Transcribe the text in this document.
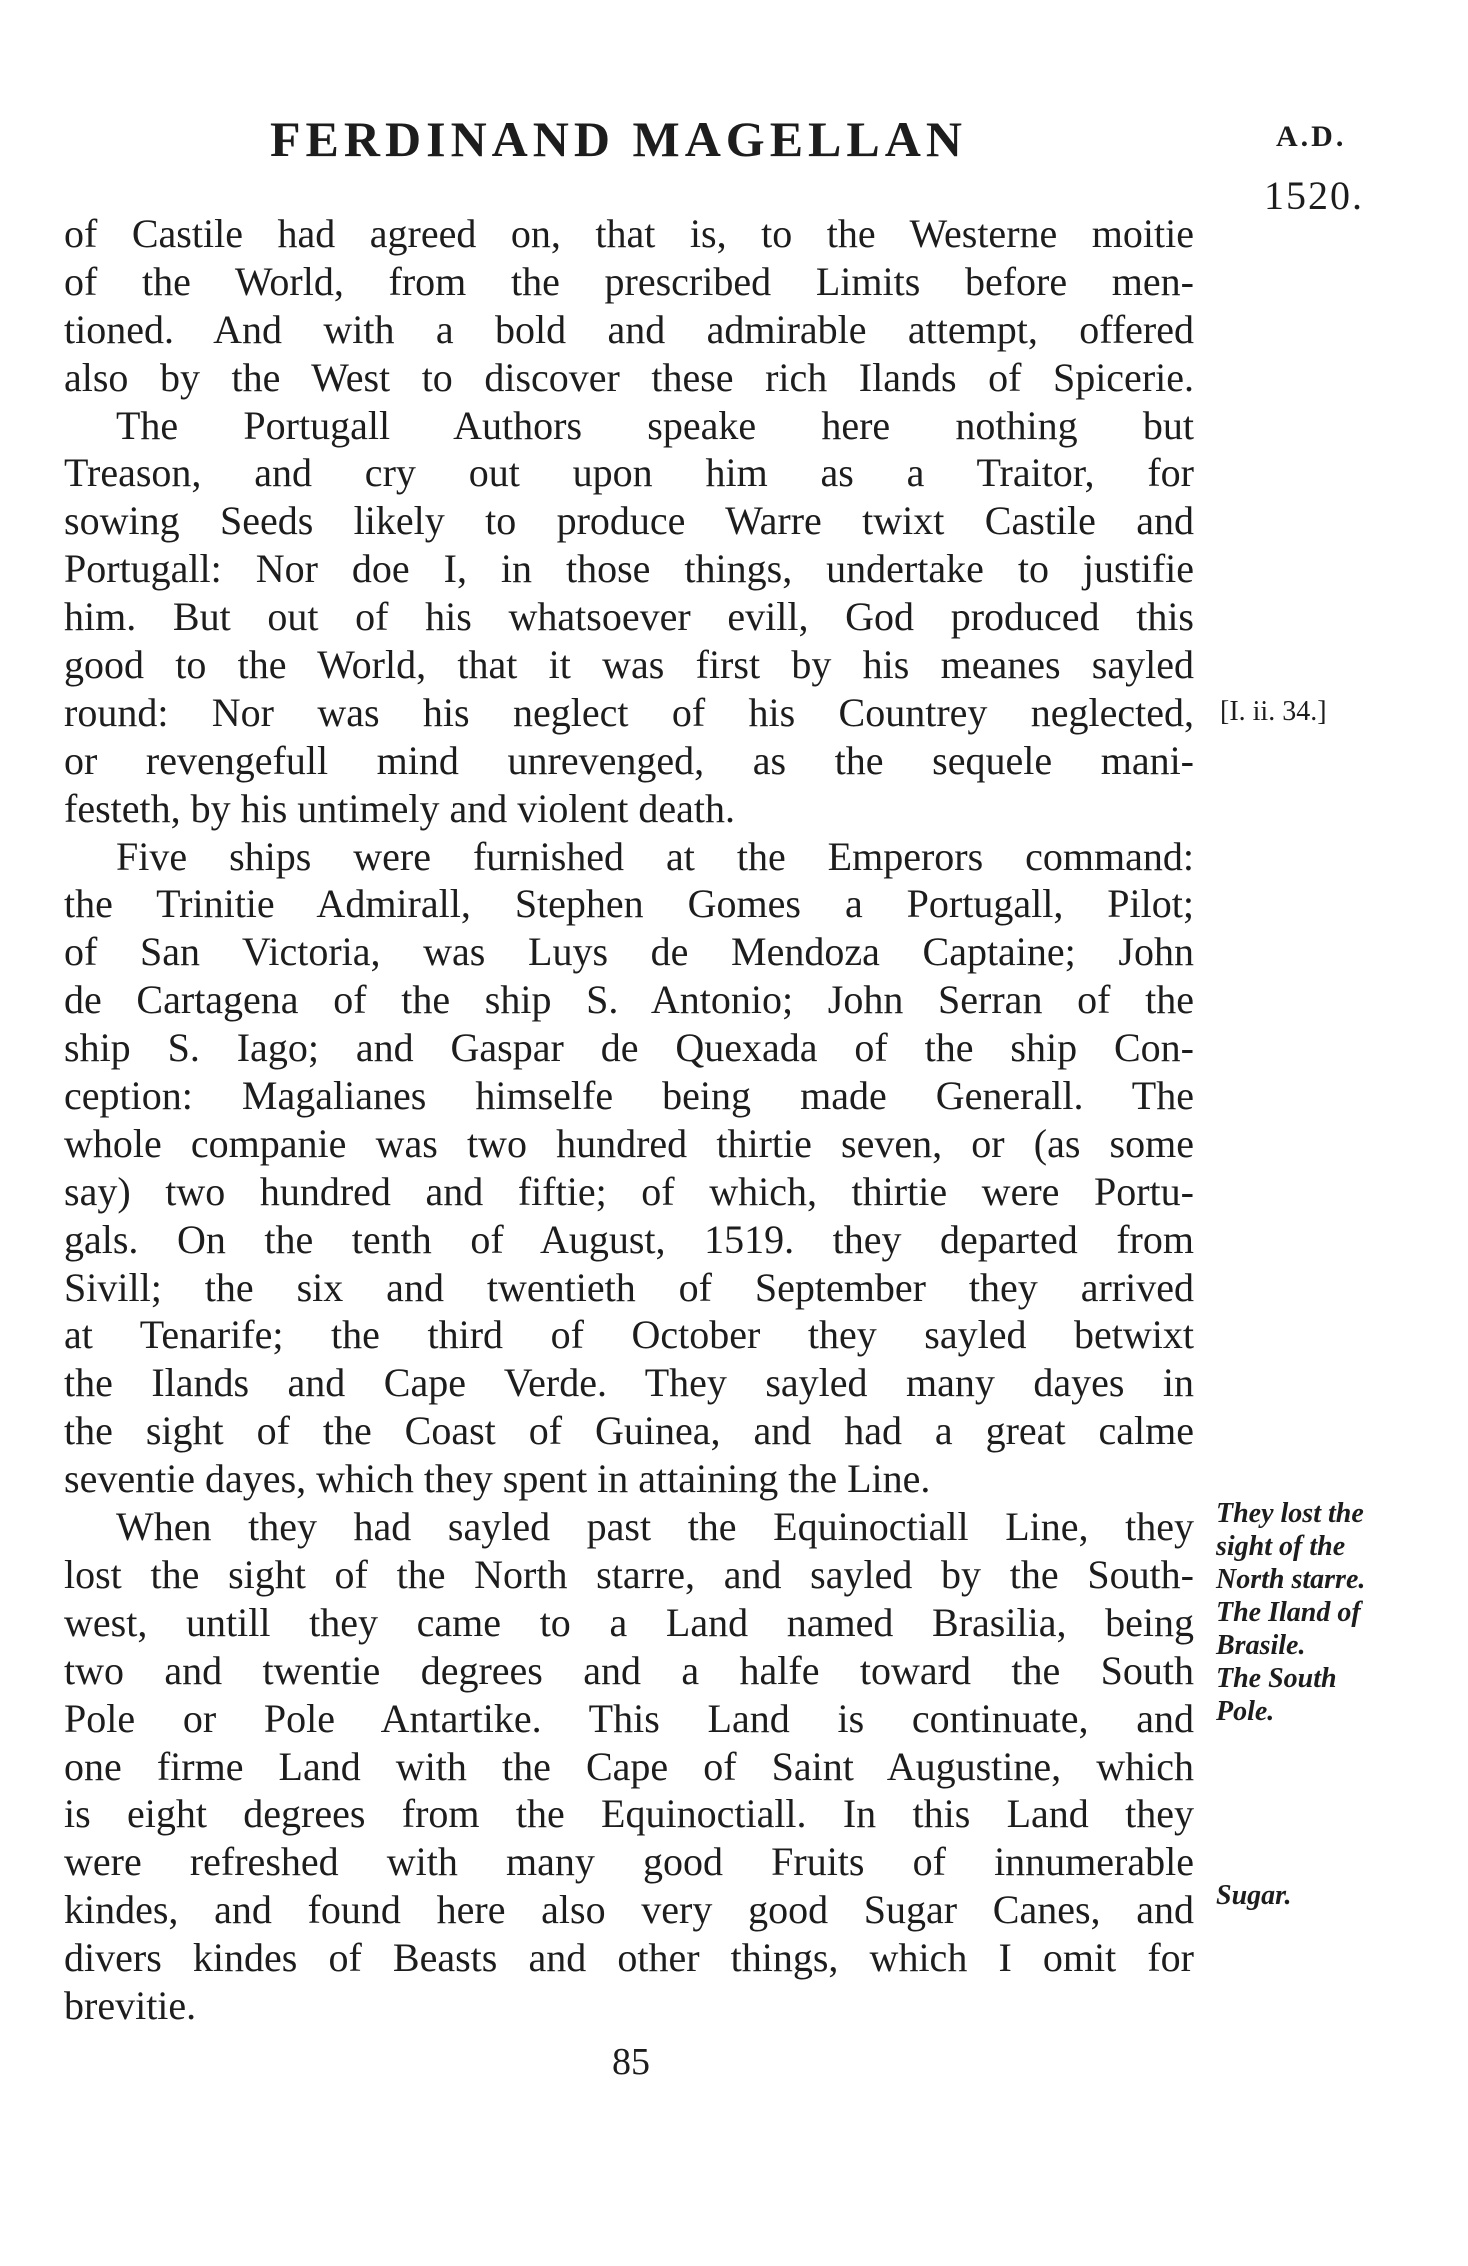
FERDINAND MAGELLAN	A.D.
1520.
of Castile had agreed on, that is, to the Westerne moitie
of the World, from the prescribed Limits before men-
tioned. And with a bold and admirable attempt, offered
also by the West to discover these rich Ilands of Spicerie.
The Portugall Authors speake here nothing but
Treason, and cry out upon him as a Traitor, for
sowing Seeds likely to produce Warre twixt Castile and
Portugall: Nor doe I, in those things, undertake to justifie
him. But out of his whatsoever evill, God produced this
good to the World, that it was first by his meanes sayled
round: Nor was his neglect of his Countrey neglected,
or revengefull mind unrevenged, as the sequele mani-
festeth, by his untimely and violent death.
Five ships were furnished at the Emperors command:
the Trinitie Admirall, Stephen Gomes a Portugall, Pilot;
of San Victoria, was Luys de Mendoza Captaine; John
de Cartagena of the ship S. Antonio; John Serran of the
ship S. Iago; and Gaspar de Quexada of the ship Con-
ception: Magalianes himselfe being made Generall. The
whole companie was two hundred thirtie seven, or (as some
say) two hundred and fiftie; of which, thirtie were Portu-
gals. On the tenth of August, 1519. they departed from
Sivill; the six and twentieth of September they arrived
at Tenarife; the third of October they sayled betwixt
the Ilands and Cape Verde. They sayled many dayes in
the sight of the Coast of Guinea, and had a great calme
seventie dayes, which they spent in attaining the Line.
When they had sayled past the Equinoctiall Line, they
lost the sight of the North starre, and sayled by the South-
west, untill they came to a Land named Brasilia, being
two and twentie degrees and a halfe toward the South
Pole or Pole Antartike. This Land is continuate, and
one firme Land with the Cape of Saint Augustine, which
is eight degrees from the Equinoctiall. In this Land they
were refreshed with many good Fruits of innumerable
kindes, and found here also very good Sugar Canes, and
divers kindes of Beasts and other things, which I omit for
brevitie.
[I. ii. 34.]
They lost the
sight of the
North starre.
The Iland of
Brasile.
The South
Pole.
Sugar.
85
